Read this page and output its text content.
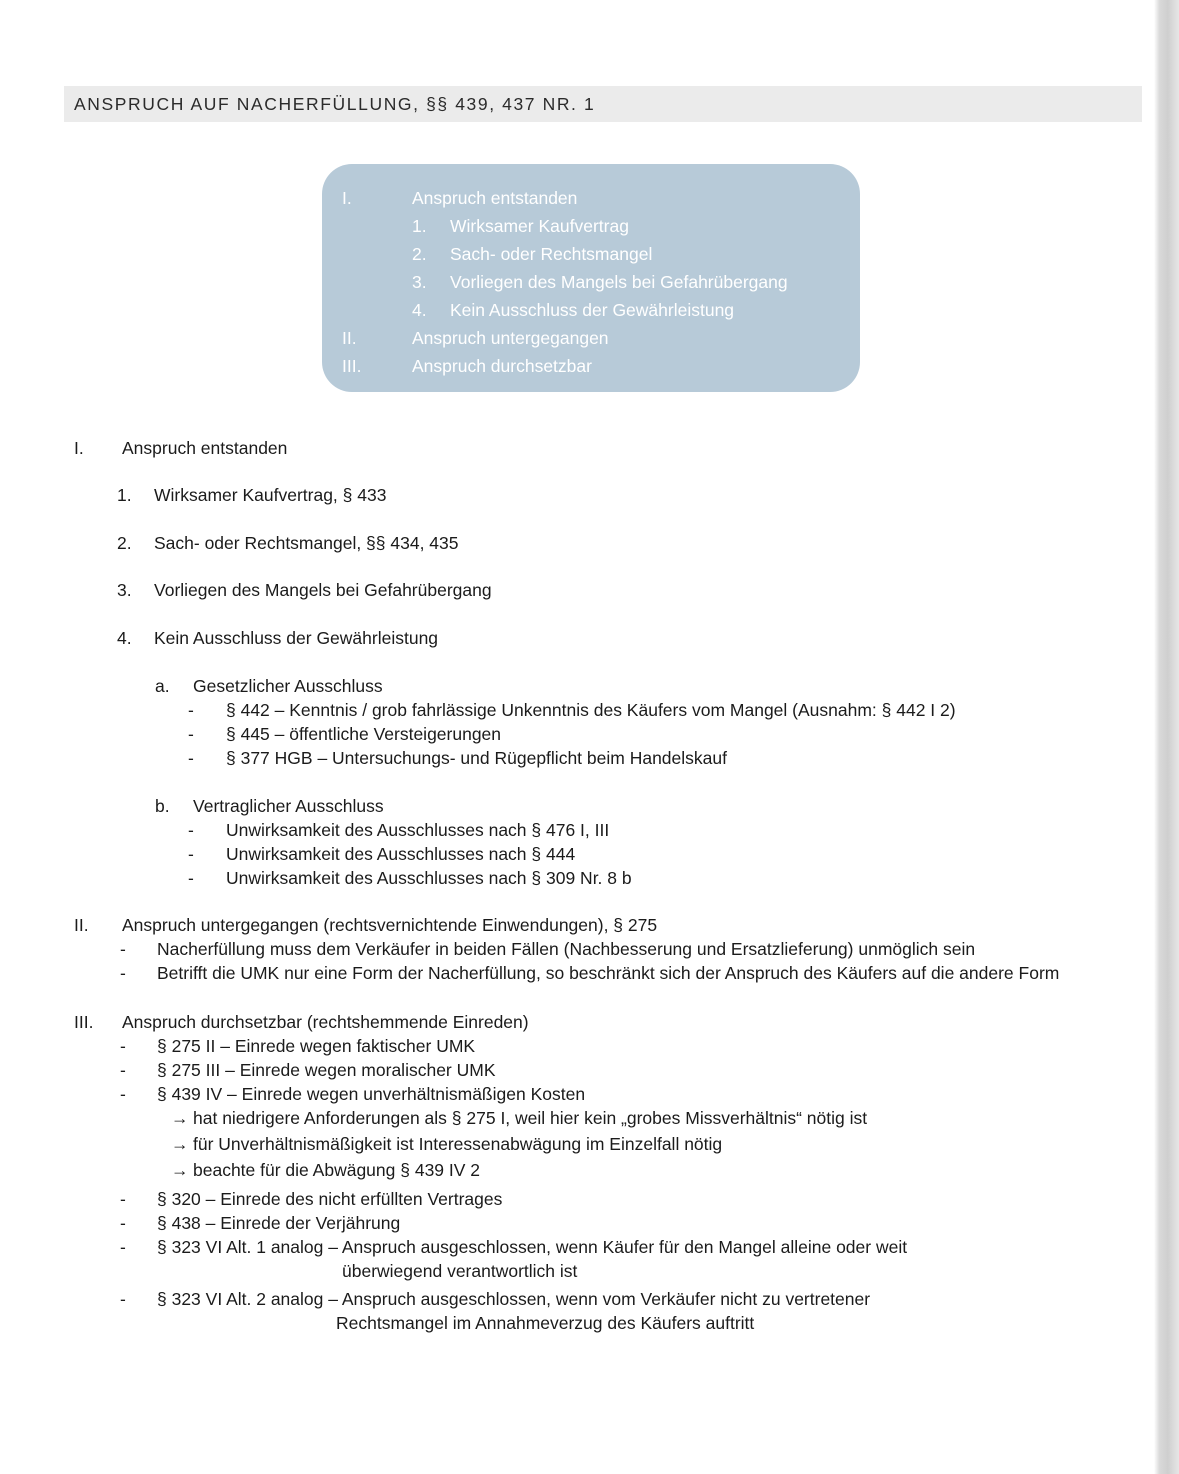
ANSPRUCH AUF NACHERFÜLLUNG, §§ 439, 437 NR. 1
I.	Anspruch entstanden
1.	Wirksamer Kaufvertrag
2.	Sach- oder Rechtsmangel
3.	Vorliegen des Mangels bei Gefahrübergang
4.	Kein Ausschluss der Gewährleistung
II.	Anspruch untergegangen
III.	Anspruch durchsetzbar
I. Anspruch entstanden
1. Wirksamer Kaufvertrag, § 433
2. Sach- oder Rechtsmangel, §§ 434, 435
3. Vorliegen des Mangels bei Gefahrübergang
4. Kein Ausschluss der Gewährleistung
a. Gesetzlicher Ausschluss
- § 442 – Kenntnis / grob fahrlässige Unkenntnis des Käufers vom Mangel (Ausnahm: § 442 I 2)
- § 445 – öffentliche Versteigerungen
- § 377 HGB – Untersuchungs- und Rügepflicht beim Handelskauf
b. Vertraglicher Ausschluss
- Unwirksamkeit des Ausschlusses nach § 476 I, III
- Unwirksamkeit des Ausschlusses nach § 444
- Unwirksamkeit des Ausschlusses nach § 309 Nr. 8 b
II. Anspruch untergegangen (rechtsvernichtende Einwendungen), § 275
- Nacherfüllung muss dem Verkäufer in beiden Fällen (Nachbesserung und Ersatzlieferung) unmöglich sein
- Betrifft die UMK nur eine Form der Nacherfüllung, so beschränkt sich der Anspruch des Käufers auf die andere Form
III. Anspruch durchsetzbar (rechtshemmende Einreden)
- § 275 II – Einrede wegen faktischer UMK
- § 275 III – Einrede wegen moralischer UMK
- § 439 IV – Einrede wegen unverhältnismäßigen Kosten
→ hat niedrigere Anforderungen als § 275 I, weil hier kein „grobes Missverhältnis“ nötig ist
→ für Unverhältnismäßigkeit ist Interessenabwägung im Einzelfall nötig
→ beachte für die Abwägung § 439 IV 2
- § 320 – Einrede des nicht erfüllten Vertrages
- § 438 – Einrede der Verjährung
- § 323 VI Alt. 1 analog – Anspruch ausgeschlossen, wenn Käufer für den Mangel alleine oder weit
überwiegend verantwortlich ist
- § 323 VI Alt. 2 analog – Anspruch ausgeschlossen, wenn vom Verkäufer nicht zu vertretener
Rechtsmangel im Annahmeverzug des Käufers auftritt
